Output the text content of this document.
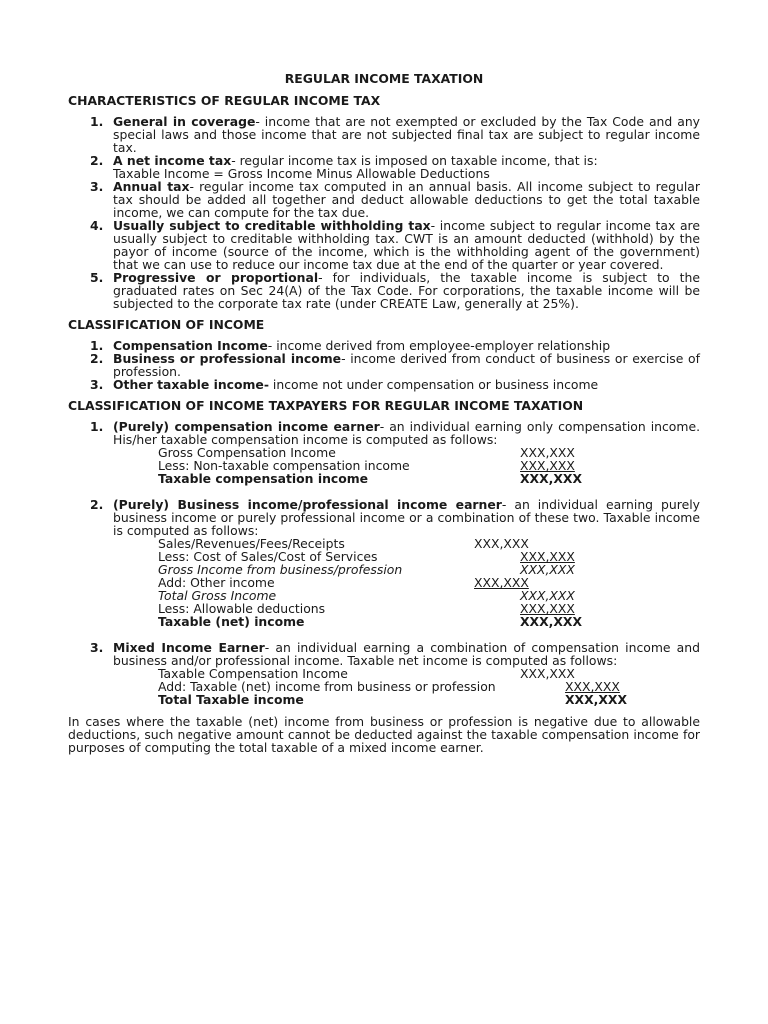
REGULAR INCOME TAXATION
CHARACTERISTICS OF REGULAR INCOME TAX
1. General in coverage- income that are not exempted or excluded by the Tax Code and any special laws and those income that are not subjected final tax are subject to regular income tax.
2. A net income tax- regular income tax is imposed on taxable income, that is:
Taxable Income = Gross Income Minus Allowable Deductions
3. Annual tax- regular income tax computed in an annual basis. All income subject to regular tax should be added all together and deduct allowable deductions to get the total taxable income, we can compute for the tax due.
4. Usually subject to creditable withholding tax- income subject to regular income tax are usually subject to creditable withholding tax. CWT is an amount deducted (withhold) by the payor of income (source of the income, which is the withholding agent of the government) that we can use to reduce our income tax due at the end of the quarter or year covered.
5. Progressive or proportional- for individuals, the taxable income is subject to the graduated rates on Sec 24(A) of the Tax Code. For corporations, the taxable income will be subjected to the corporate tax rate (under CREATE Law, generally at 25%).
CLASSIFICATION OF INCOME
1. Compensation Income- income derived from employee-employer relationship
2. Business or professional income- income derived from conduct of business or exercise of profession.
3. Other taxable income- income not under compensation or business income
CLASSIFICATION OF INCOME TAXPAYERS FOR REGULAR INCOME TAXATION
1. (Purely) compensation income earner- an individual earning only compensation income. His/her taxable compensation income is computed as follows:
Gross Compensation Income	XXX,XXX
Less: Non-taxable compensation income	XXX,XXX
Taxable compensation income	XXX,XXX
2. (Purely) Business income/professional income earner- an individual earning purely business income or purely professional income or a combination of these two. Taxable income is computed as follows:
Sales/Revenues/Fees/Receipts	XXX,XXX
Less: Cost of Sales/Cost of Services	XXX,XXX
Gross Income from business/profession	XXX,XXX
Add: Other income	XXX,XXX
Total Gross Income	XXX,XXX
Less: Allowable deductions	XXX,XXX
Taxable (net) income	XXX,XXX
3. Mixed Income Earner- an individual earning a combination of compensation income and business and/or professional income. Taxable net income is computed as follows:
Taxable Compensation Income	XXX,XXX
Add: Taxable (net) income from business or profession	XXX,XXX
Total Taxable income	XXX,XXX
In cases where the taxable (net) income from business or profession is negative due to allowable deductions, such negative amount cannot be deducted against the taxable compensation income for purposes of computing the total taxable of a mixed income earner.
